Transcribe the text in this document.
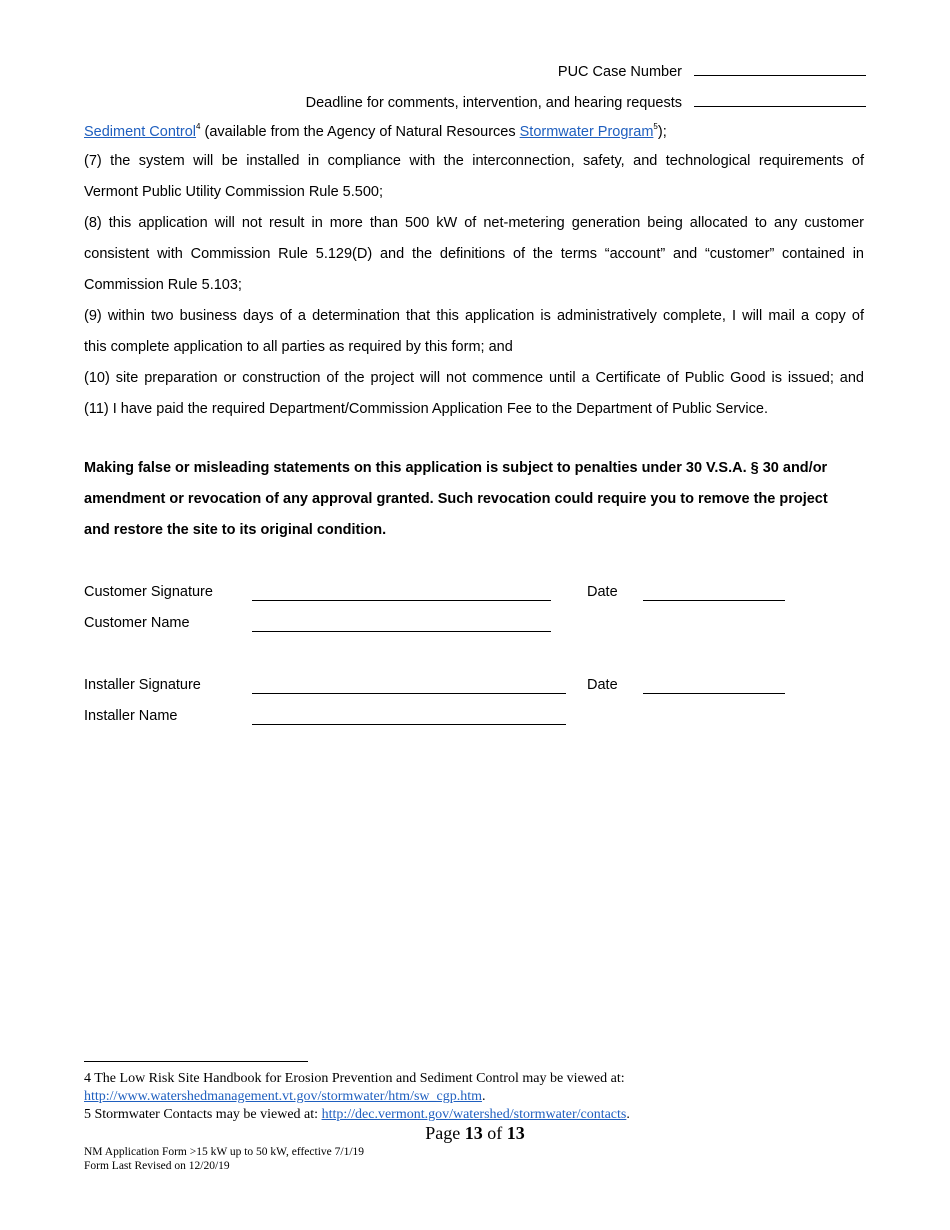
PUC Case Number
Deadline for comments, intervention, and hearing requests
Sediment Control$^4$ (available from the Agency of Natural Resources Stormwater Program$^5$);
(7) the system will be installed in compliance with the interconnection, safety, and technological requirements of
Vermont Public Utility Commission Rule 5.500;
(8) this application will not result in more than 500 kW of net-metering generation being allocated to any customer
consistent with Commission Rule 5.129(D) and the definitions of the terms “account” and “customer” contained in
Commission Rule 5.103;
(9) within two business days of a determination that this application is administratively complete, I will mail a copy of
this complete application to all parties as required by this form; and
(10) site preparation or construction of the project will not commence until a Certificate of Public Good is issued; and
(11) I have paid the required Department/Commission Application Fee to the Department of Public Service.
Making false or misleading statements on this application is subject to penalties under 30 V.S.A. § 30 and/or
amendment or revocation of any approval granted. Such revocation could require you to remove the project
and restore the site to its original condition.
Customer Signature	Date
Customer Name
Installer Signature	Date
Installer Name
4 The Low Risk Site Handbook for Erosion Prevention and Sediment Control may be viewed at:
http://www.watershedmanagement.vt.gov/stormwater/htm/sw_cgp.htm.
5 Stormwater Contacts may be viewed at: http://dec.vermont.gov/watershed/stormwater/contacts.
Page 13 of 13
NM Application Form >15 kW up to 50 kW, effective 7/1/19
Form Last Revised on 12/20/19
